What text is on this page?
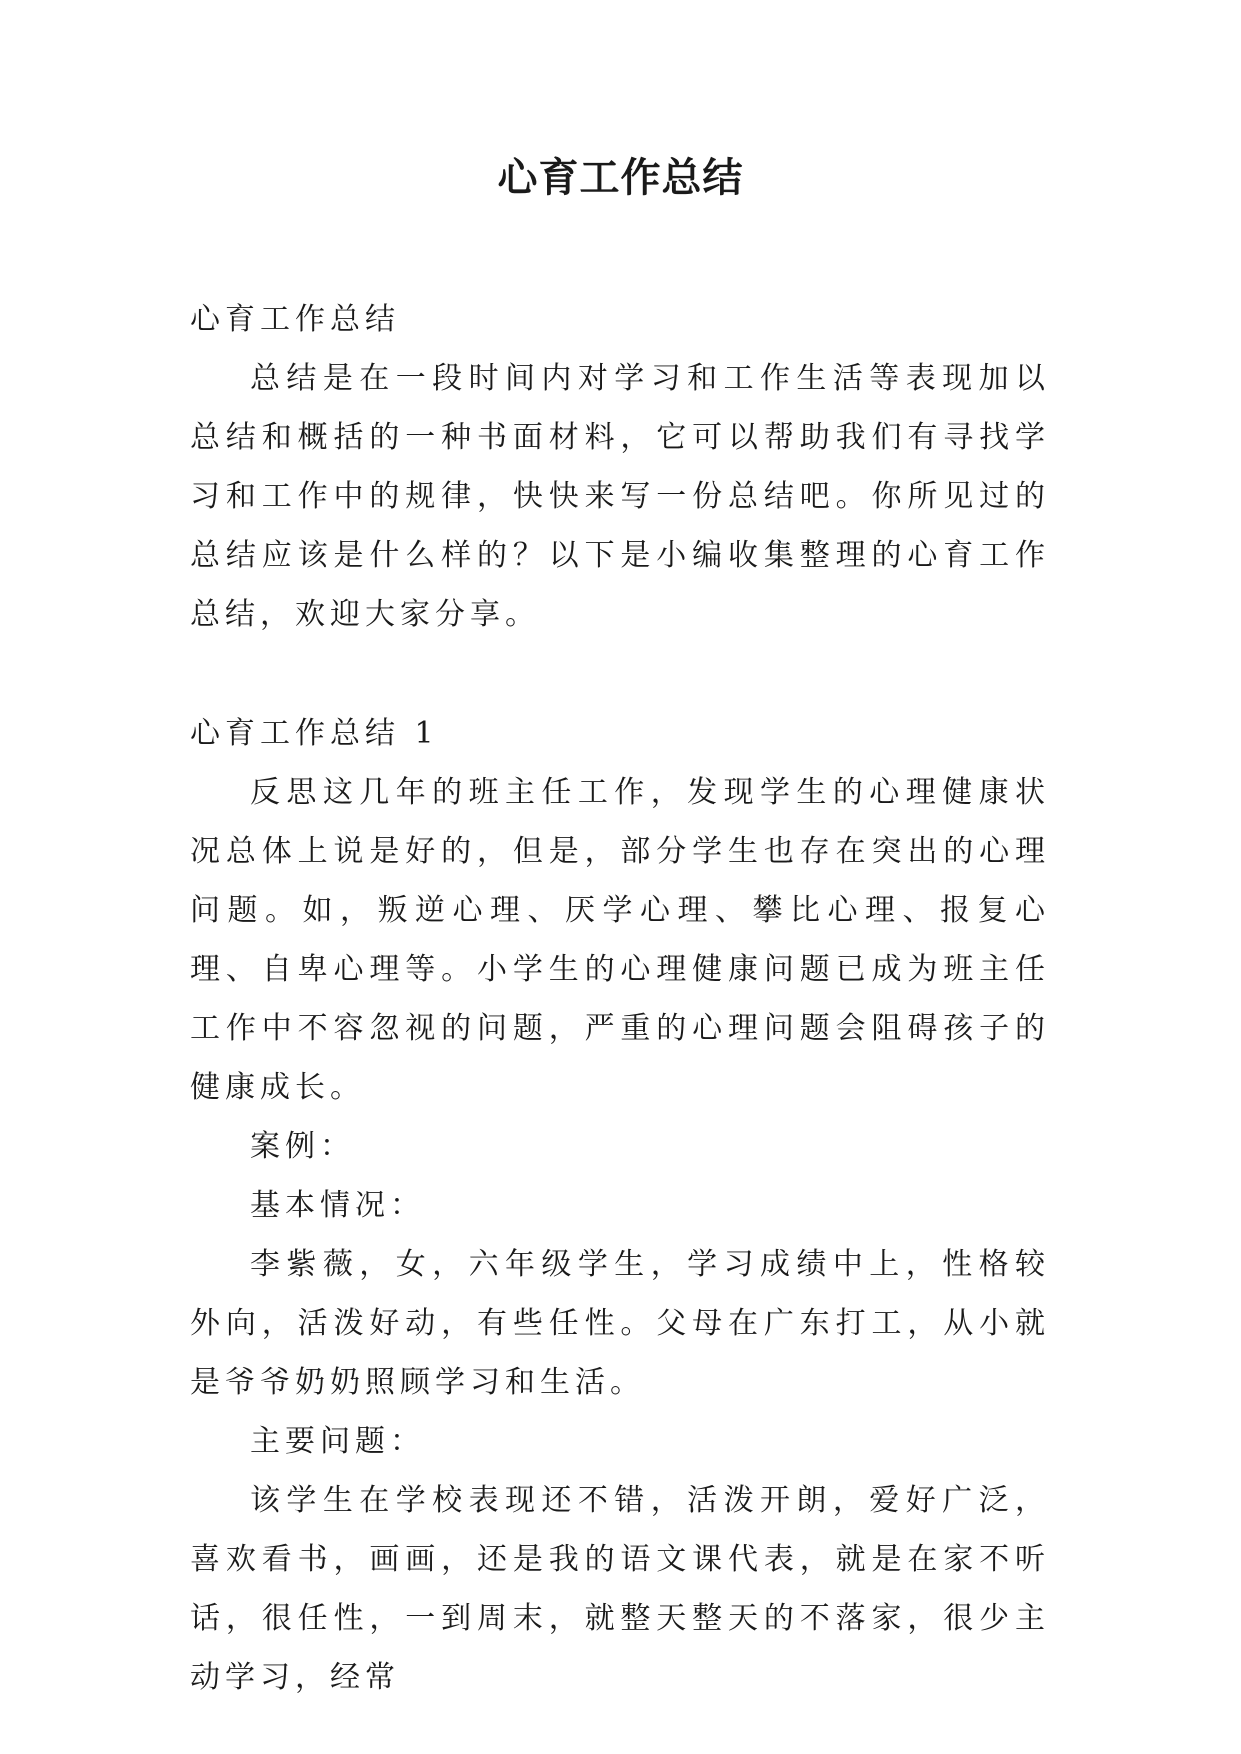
心育工作总结

心育工作总结

总结是在一段时间内对学习和工作生活等表现加以总结和概括的一种书面材料，它可以帮助我们有寻找学习和工作中的规律，快快来写一份总结吧。你所见过的总结应该是什么样的？以下是小编收集整理的心育工作总结，欢迎大家分享。

心育工作总结 1

反思这几年的班主任工作，发现学生的心理健康状况总体上说是好的，但是，部分学生也存在突出的心理问题。如，叛逆心理、厌学心理、攀比心理、报复心理、自卑心理等。小学生的心理健康问题已成为班主任工作中不容忽视的问题，严重的心理问题会阻碍孩子的健康成长。

案例：

基本情况：

李紫薇，女，六年级学生，学习成绩中上，性格较外向，活泼好动，有些任性。父母在广东打工，从小就是爷爷奶奶照顾学习和生活。

主要问题：

该学生在学校表现还不错，活泼开朗，爱好广泛，喜欢看书，画画，还是我的语文课代表，就是在家不听话，很任性，一到周末，就整天整天的不落家，很少主动学习，经常
